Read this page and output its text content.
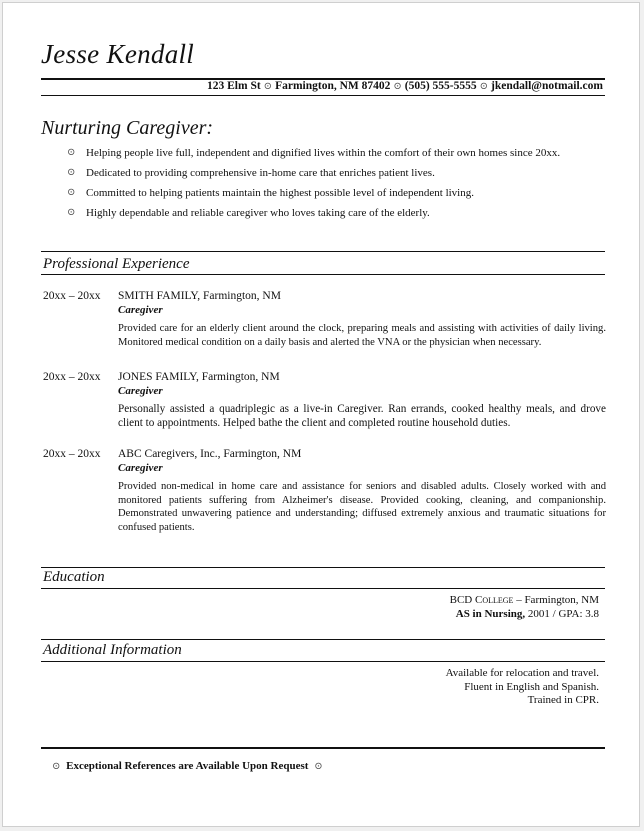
Jesse Kendall
123 Elm St ⊙ Farmington, NM 87402 ⊙ (505) 555-5555 ⊙ jkendall@notmail.com
Nurturing Caregiver:
⊙ Helping people live full, independent and dignified lives within the comfort of their own homes since 20xx.
⊙ Dedicated to providing comprehensive in-home care that enriches patient lives.
⊙ Committed to helping patients maintain the highest possible level of independent living.
⊙ Highly dependable and reliable caregiver who loves taking care of the elderly.
Professional Experience
20xx – 20xx SMITH FAMILY, Farmington, NM
Caregiver
Provided care for an elderly client around the clock, preparing meals and assisting with activities of daily living. Monitored medical condition on a daily basis and alerted the VNA or the physician when necessary.
20xx – 20xx JONES FAMILY, Farmington, NM
Caregiver
Personally assisted a quadriplegic as a live-in Caregiver. Ran errands, cooked healthy meals, and drove client to appointments. Helped bathe the client and completed routine household duties.
20xx – 20xx ABC Caregivers, Inc., Farmington, NM
Caregiver
Provided non-medical in home care and assistance for seniors and disabled adults. Closely worked with and monitored patients suffering from Alzheimer's disease. Provided cooking, cleaning, and companionship. Demonstrated unwavering patience and understanding; diffused extremely anxious and traumatic situations for confused patients.
Education
BCD College – Farmington, NM
AS in Nursing, 2001 / GPA: 3.8
Additional Information
Available for relocation and travel.
Fluent in English and Spanish.
Trained in CPR.
⊙ Exceptional References are Available Upon Request ⊙
